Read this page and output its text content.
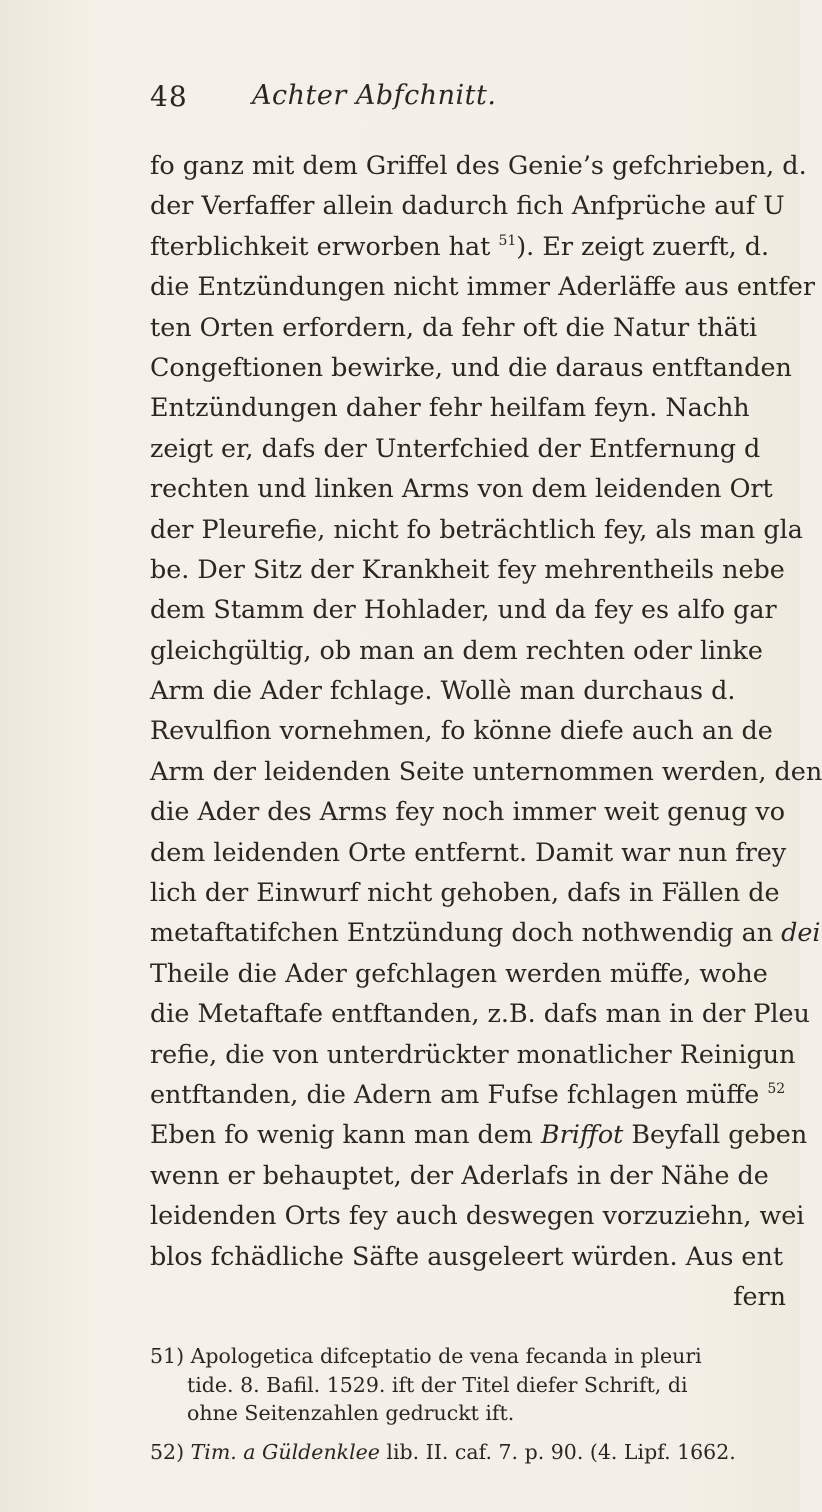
48 Achter Abfchnitt.
fo ganz mit dem Griffel des Genie’s gefchrieben, d.
der Verfaffer allein dadurch fich Anfprüche auf U
fterblichkeit erworben hat $^{51}$). Er zeigt zuerft, d.
die Entzündungen nicht immer Aderläffe aus entfer
ten Orten erfordern, da fehr oft die Natur thäti
Congeftionen bewirke, und die daraus entftanden
Entzündungen daher fehr heilfam feyn. Nachh
zeigt er, dafs der Unterfchied der Entfernung d
rechten und linken Arms von dem leidenden Ort
der Pleurefie, nicht fo beträchtlich fey, als man gla
be. Der Sitz der Krankheit fey mehrentheils nebe
dem Stamm der Hohlader, und da fey es alfo gar
gleichgültig, ob man an dem rechten oder linke
Arm die Ader fchlage. Wollè man durchaus d.
Revulfion vornehmen, fo könne diefe auch an de
Arm der leidenden Seite unternommen werden, den
die Ader des Arms fey noch immer weit genug vo
dem leidenden Orte entfernt. Damit war nun frey
lich der Einwurf nicht gehoben, dafs in Fällen de
metaftatifchen Entzündung doch nothwendig an dei
Theile die Ader gefchlagen werden müffe, wohe
die Metaftafe entftanden, z.B. dafs man in der Pleu
refie, die von unterdrückter monatlicher Reinigun
entftanden, die Adern am Fufse fchlagen müffe $^{52}$
Eben fo wenig kann man dem Briffot Beyfall geben
wenn er behauptet, der Aderlafs in der Nähe de
leidenden Orts fey auch deswegen vorzuziehn, wei
blos fchädliche Säfte ausgeleert würden. Aus ent
fern
51) Apologetica difceptatio de vena fecanda in pleuri
tide. 8. Bafil. 1529. ift der Titel diefer Schrift, di
ohne Seitenzahlen gedruckt ift.
52) Tim. a Güldenklee lib. II. caf. 7. p. 90. (4. Lipf. 1662.
